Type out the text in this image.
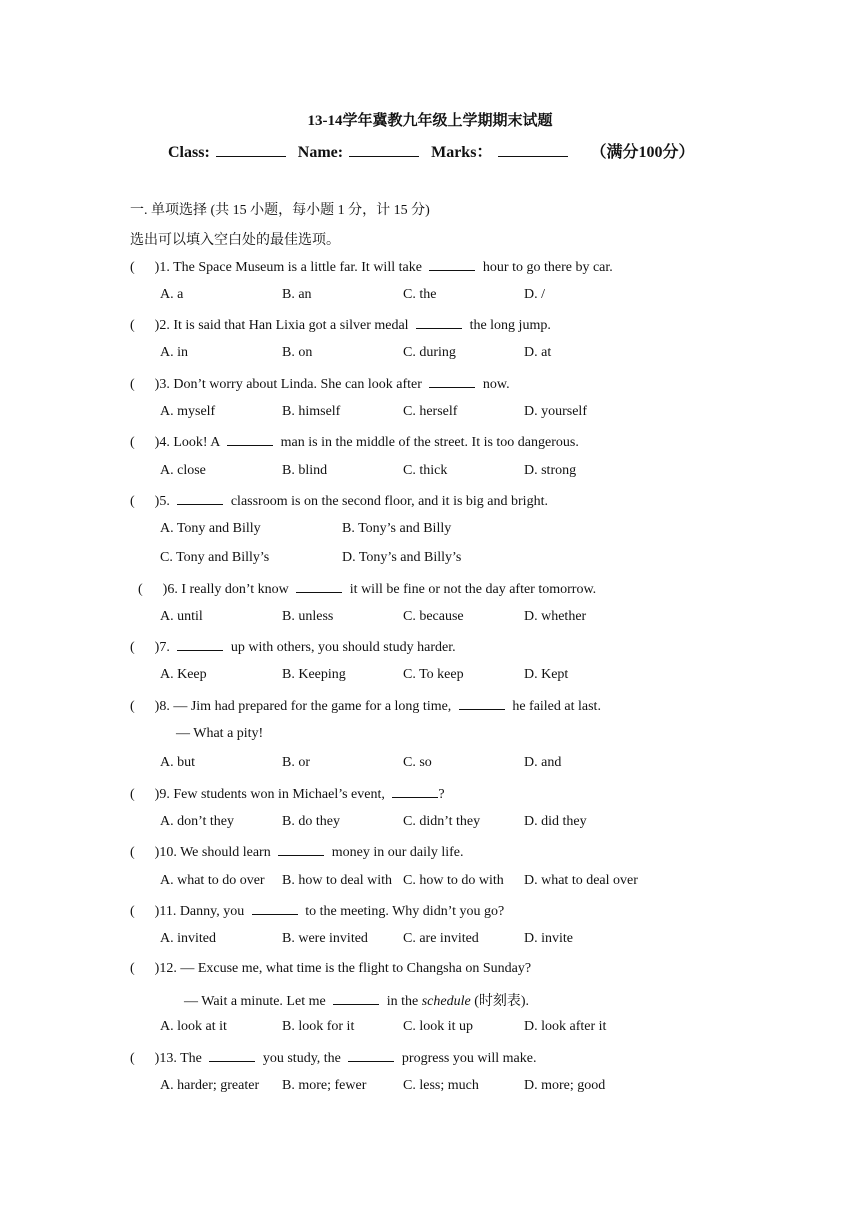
13-14学年冀教九年级上学期期末试题
Class:	Name:	Marks：	（满分100分）
一. 单项选择 (共 15 小题，每小题 1 分，计 15 分)
选出可以填入空白处的最佳选项。
( )1. The Space Museum is a little far. It will take	hour to go there by car.
A. a	B. an	C. the	D. /
( )2. It is said that Han Lixia got a silver medal	the long jump.
A. in	B. on	C. during	D. at
( )3. Don’t worry about Linda. She can look after	now.
A. myself	B. himself	C. herself	D. yourself
( )4. Look! A	man is in the middle of the street. It is too dangerous.
A. close	B. blind	C. thick	D. strong
( )5.	classroom is on the second floor, and it is big and bright.
A. Tony and Billy	B. Tony’s and Billy
C. Tony and Billy’s	D. Tony’s and Billy’s
( )6. I really don’t know	it will be fine or not the day after tomorrow.
A. until	B. unless	C. because	D. whether
( )7.	up with others, you should study harder.
A. Keep	B. Keeping	C. To keep	D. Kept
( )8. — Jim had prepared for the game for a long time,	he failed at last.
— What a pity!
A. but	B. or	C. so	D. and
( )9. Few students won in Michael’s event,	?
A. don’t they	B. do they	C. didn’t they	D. did they
( )10. We should learn	money in our daily life.
A. what to do over B. how to deal with C. how to do with D. what to deal over
( )11. Danny, you	to the meeting. Why didn’t you go?
A. invited	B. were invited	C. are invited	D. invite
( )12. — Excuse me, what time is the flight to Changsha on Sunday?
— Wait a minute. Let me	in the schedule (时刻表).
A. look at it	B. look for it	C. look it up	D. look after it
( )13. The	you study, the	progress you will make.
A. harder; greater B. more; fewer	C. less; much	D. more; good
